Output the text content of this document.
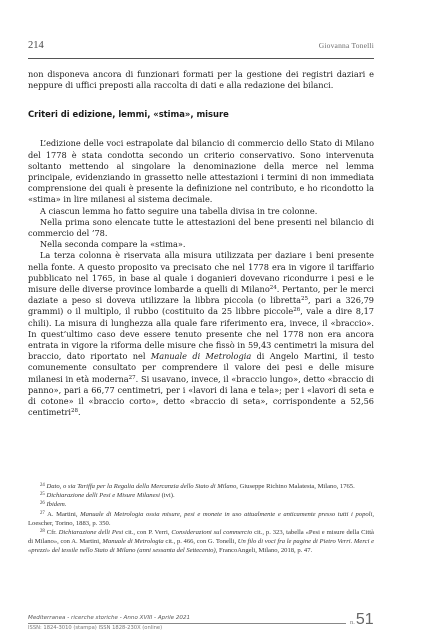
214	Giovanna Tonelli

non disponeva ancora di funzionari formati per la gestione dei registri daziari e neppure di uffici preposti alla raccolta di dati e alla redazione dei bilanci.

Criteri di edizione, lemmi, «stima», misure

L’edizione delle voci estrapolate dal bilancio di commercio dello Stato di Milano del 1778 è stata condotta secondo un criterio conservativo. Sono intervenuta soltanto mettendo al singolare la denominazione della merce nel lemma principale, evidenziando in grassetto nelle attestazioni i termini di non immediata comprensione dei quali è presente la definizione nel contributo, e ho ricondotto la «stima» in lire milanesi al sistema decimale.

A ciascun lemma ho fatto seguire una tabella divisa in tre colonne.

Nella prima sono elencate tutte le attestazioni del bene presenti nel bilancio di commercio del ’78.

Nella seconda compare la «stima».

La terza colonna è riservata alla misura utilizzata per daziare i beni presente nella fonte. A questo proposito va precisato che nel 1778 era in vigore il tariffario pubblicato nel 1765, in base al quale i doganieri dovevano ricondurre i pesi e le misure delle diverse province lombarde a quelli di Milano$^{24}$. Pertanto, per le merci daziate a peso si doveva utilizzare la libbra piccola (o libretta$^{25}$, pari a 326,79 grammi) o il multiplo, il rubbo (costituito da 25 libbre piccole$^{26}$, vale a dire 8,17 chili). La misura di lunghezza alla quale fare riferimento era, invece, il «braccio». In quest’ultimo caso deve essere tenuto presente che nel 1778 non era ancora entrata in vigore la riforma delle misure che fissò in 59,43 centimetri la misura del braccio, dato riportato nel Manuale di Metrologia di Angelo Martini, il testo comunemente consultato per comprendere il valore dei pesi e delle misure milanesi in età moderna$^{27}$. Si usavano, invece, il «braccio lungo», detto «braccio di panno», pari a 66,77 centimetri, per i «lavori di lana e tela»; per i «lavori di seta e di cotone» il «braccio corto», detto «braccio di seta», corrispondente a 52,56 centimetri$^{28}$.

$^{24}$ Dato, o sia Tariffa per la Regalia della Mercanzia dello Stato di Milano, Giuseppe Richino Malatesta, Milano, 1765.

$^{25}$ Dichiarazione delli Pesi e Misure Milanesi (ivi).

$^{26}$ Ibidem.

$^{27}$ A. Martini, Manuale di Metrologia ossia misure, pesi e monete in uso attualmente e anticamente presso tutti i popoli, Loescher, Torino, 1883, p. 350.

$^{28}$ Cfr. Dichiarazione delli Pesi cit., con P. Verri, Considerazioni sul commercio cit., p. 323, tabella «Pesi e misure della Città di Milano», con A. Martini, Manuale di Metrologia cit., p. 466, con G. Tonelli, Un filo di voci fra le pagine di Pietro Verri. Merci e «prezzi» del tessile nello Stato di Milano (anni sessanta del Settecento), FrancoAngeli, Milano, 2018, p. 47.

Mediterranea - ricerche storiche - Anno XVIII - Aprile 2021
ISSN: 1824-3010 (stampa) ISSN 1828-230X (online)
n. 51
